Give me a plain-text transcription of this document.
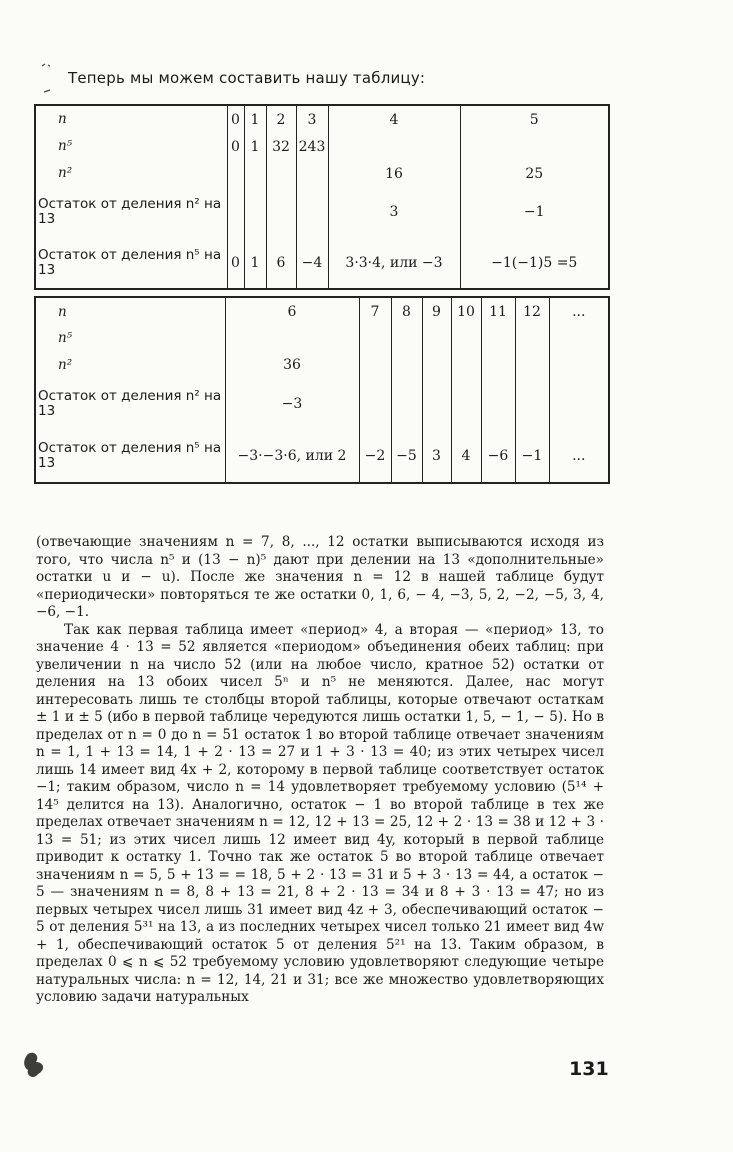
Теперь мы можем составить нашу таблицу:
n	0	1	2	3	4	5
n⁵	0	1	32	243		
n²					16	25
Остаток от деления n² на 13					3	−1
Остаток от деления n⁵ на 13	0	1	6	−4	3·3·4, или −3	−1(−1)5 =5
n	6	7	8	9	10	11	12	...
n⁵								
n²	36							
Остаток от деления n² на 13	−3							
Остаток от деления n⁵ на 13	−3·−3·6, или 2	−2	−5	3	4	−6	−1	...

(отвечающие значениям n = 7, 8, ..., 12 остатки выписываются исходя из того, что числа n⁵ и (13 − n)⁵ дают при делении на 13 «дополнительные» остатки u и − u). После же значения n = 12 в нашей таблице будут «периодически» повторяться те же остатки 0, 1, 6, − 4, −3, 5, 2, −2, −5, 3, 4, −6, −1.

Так как первая таблица имеет «период» 4, а вторая — «период» 13, то значение 4 · 13 = 52 является «периодом» объединения обеих таблиц: при увеличении n на число 52 (или на любое число, кратное 52) остатки от деления на 13 обоих чисел 5ⁿ и n⁵ не меняются. Далее, нас могут интересовать лишь те столбцы второй таблицы, которые отвечают остаткам ± 1 и ± 5 (ибо в первой таблице чередуются лишь остатки 1, 5, − 1, − 5). Но в пределах от n = 0 до n = 51 остаток 1 во второй таблице отвечает значениям n = 1, 1 + 13 = 14, 1 + 2 · 13 = 27 и 1 + 3 · 13 = 40; из этих четырех чисел лишь 14 имеет вид 4x + 2, которому в первой таблице соответствует остаток −1; таким образом, число n = 14 удовлетворяет требуемому условию (5¹⁴ + 14⁵ делится на 13). Аналогично, остаток − 1 во второй таблице в тех же пределах отвечает значениям n = 12, 12 + 13 = 25, 12 + 2 · 13 = 38 и 12 + 3 · 13 = 51; из этих чисел лишь 12 имеет вид 4y, который в первой таблице приводит к остатку 1. Точно так же остаток 5 во второй таблице отвечает значениям n = 5, 5 + 13 = = 18, 5 + 2 · 13 = 31 и 5 + 3 · 13 = 44, а остаток − 5 — значениям n = 8, 8 + 13 = 21, 8 + 2 · 13 = 34 и 8 + 3 · 13 = 47; но из первых четырех чисел лишь 31 имеет вид 4z + 3, обеспечивающий остаток − 5 от деления 5³¹ на 13, а из последних четырех чисел только 21 имеет вид 4w + 1, обеспечивающий остаток 5 от деления 5²¹ на 13. Таким образом, в пределах 0 ⩽ n ⩽ 52 требуемому условию удовлетворяют следующие четыре натуральных числа: n = 12, 14, 21 и 31; все же множество удовлетворяющих условию задачи натуральных

131
